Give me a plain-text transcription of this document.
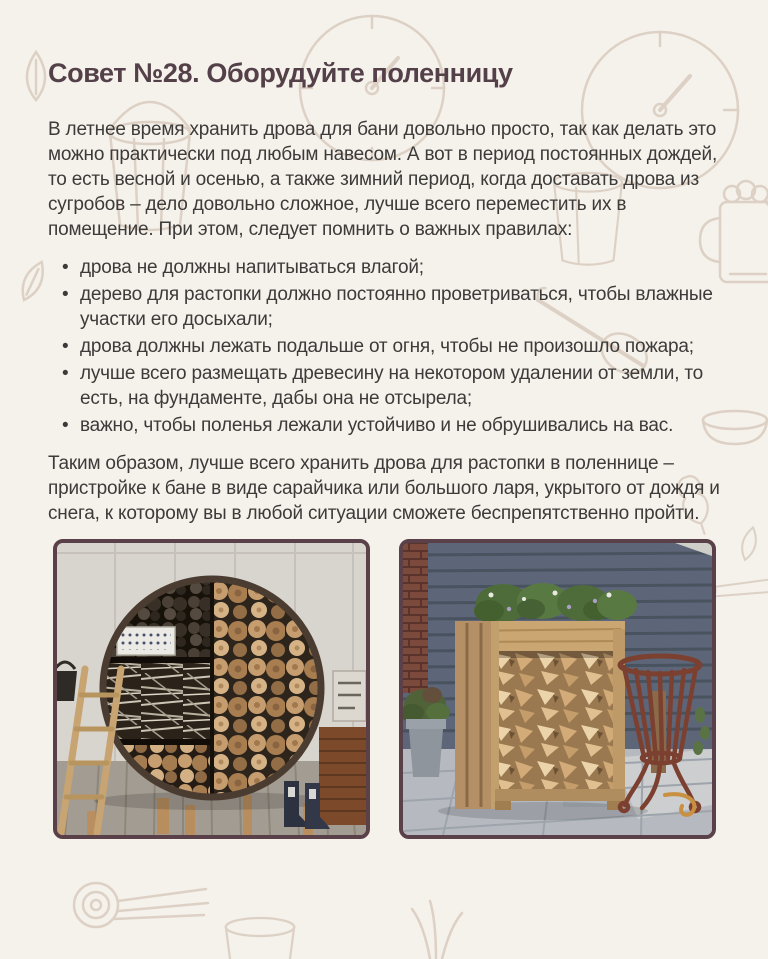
Совет №28. Оборудуйте поленницу

В летнее время хранить дрова для бани довольно просто, так как делать это можно практически под любым навесом. А вот в период постоянных дождей, то есть весной и осенью, а также зимний период, когда доставать дрова из сугробов – дело довольно сложное, лучше всего переместить их в помещение. При этом, следует помнить о важных правилах:

• дрова не должны напитываться влагой;
• дерево для растопки должно постоянно проветриваться, чтобы влажные участки его досыхали;
• дрова должны лежать подальше от огня, чтобы не произошло пожара;
• лучше всего размещать древесину на некотором удалении от земли, то есть, на фундаменте, дабы она не отсырела;
• важно, чтобы поленья лежали устойчиво и не обрушивались на вас.

Таким образом, лучше всего хранить дрова для растопки в поленнице – пристройке к бане в виде сарайчика или большого ларя, укрытого от дождя и снега, к которому вы в любой ситуации сможете беспрепятственно пройти.
